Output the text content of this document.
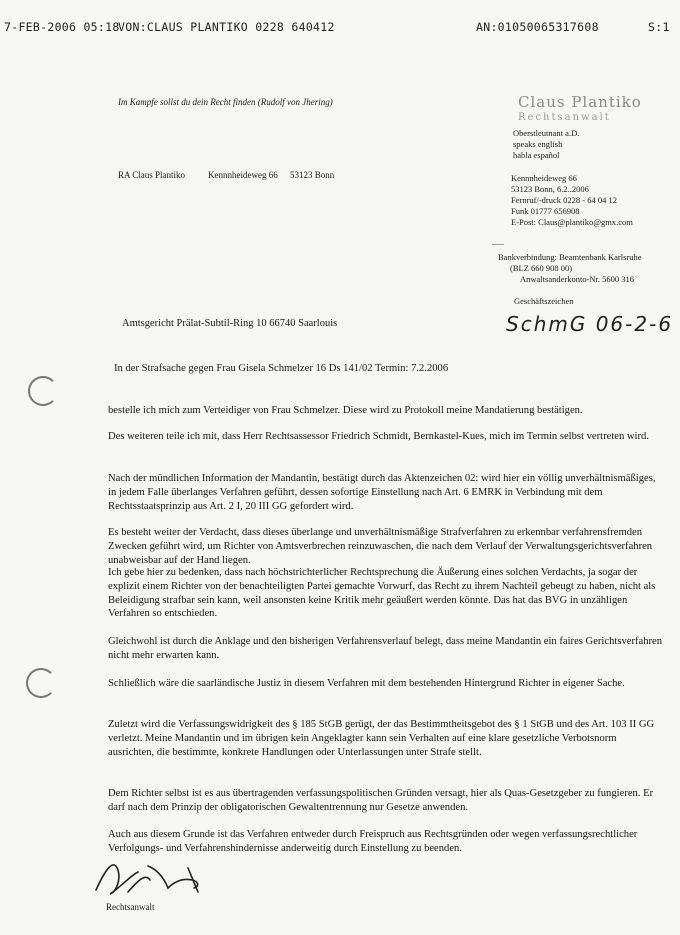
7-FEB-2006 05:18
VON:CLAUS PLANTIKO 0228 640412	AN:01050065317608	S:1
Im Kampfe sollst du dein Recht finden (Rudolf von Jhering)	Claus Plantiko
Rechtsanwalt
Oberstleutnant a.D.
speaks english
habla español
Kennnheideweg 66
53123 Bonn, 6.2..2006
Fernruf/-druck 0228 - 64 04 12
Funk 01777 656908
E-Post: Claus@plantiko@gmx.com
Bankverbindung: Beamtenbank Karlsruhe
(BLZ 660 908 00)
Anwaltsanderkonto-Nr. 5600 316
Geschäftszeichen
SchmG 06-2-6
RA Claus Plantiko	Kennnheideweg 66 53123 Bonn
Amtsgericht Prälat-Subtil-Ring 10 66740 Saarlouis
In der Strafsache gegen Frau Gisela Schmelzer 16 Ds 141/02 Termin: 7.2.2006
bestelle ich mich zum Verteidiger von Frau Schmelzer. Diese wird zu Protokoll meine Mandatierung bestätigen.
Des weiteren teile ich mit, dass Herr Rechtsassessor Friedrich Schmidt, Bernkastel-Kues, mich im Termin selbst vertreten wird.
Nach der mündlichen Information der Mandantin, bestätigt durch das Aktenzeichen 02: wird hier ein völlig unverhältnismäßiges, in jedem Falle überlanges Verfahren geführt, dessen sofortige Einstellung nach Art. 6 EMRK in Verbindung mit dem Rechtsstaatsprinzip aus Art. 2 I, 20 III GG gefordert wird.
Es besteht weiter der Verdacht, dass dieses überlange und unverhältnismäßige Strafverfahren zu erkennbar verfahrensfremden Zwecken geführt wird, um Richter von Amtsverbrechen reinzuwaschen, die nach dem Verlauf der Verwaltungsgerichtsverfahren unabweisbar auf der Hand liegen.
Ich gebe hier zu bedenken, dass nach höchstrichterlicher Rechtsprechung die Äußerung eines solchen Verdachts, ja sogar der explizit einem Richter von der benachteiligten Partei gemachte Vorwurf, das Recht zu ihrem Nachteil gebeugt zu haben, nicht als Beleidigung strafbar sein kann, weil ansonsten keine Kritik mehr geäußert werden könnte. Das hat das BVG in unzähligen Verfahren so entschieden.
Gleichwohl ist durch die Anklage und den bisherigen Verfahrensverlauf belegt, dass meine Mandantin ein faires Gerichtsverfahren nicht mehr erwarten kann.
Schließlich wäre die saarländische Justiz in diesem Verfahren mit dem bestehenden Hintergrund Richter in eigener Sache.
Zuletzt wird die Verfassungswidrigkeit des § 185 StGB gerügt, der das Bestimmtheitsgebot des § 1 StGB und des Art. 103 II GG verletzt. Meine Mandantin und im übrigen kein Angeklagter kann sein Verhalten auf eine klare gesetzliche Verbotsnorm ausrichten, die bestimmte, konkrete Handlungen oder Unterlassungen unter Strafe stellt.
Dem Richter selbst ist es aus übertragenden verfassungspolitischen Gründen versagt, hier als Quas-Gesetzgeber zu fungieren. Er darf nach dem Prinzip der obligatorischen Gewaltentrennung nur Gesetze anwenden.
Auch aus diesem Grunde ist das Verfahren entweder durch Freispruch aus Rechtsgründen oder wegen verfassungsrechtlicher Verfolgungs- und Verfahrenshindernisse anderweitig durch Einstellung zu beenden.
Rechtsanwalt
